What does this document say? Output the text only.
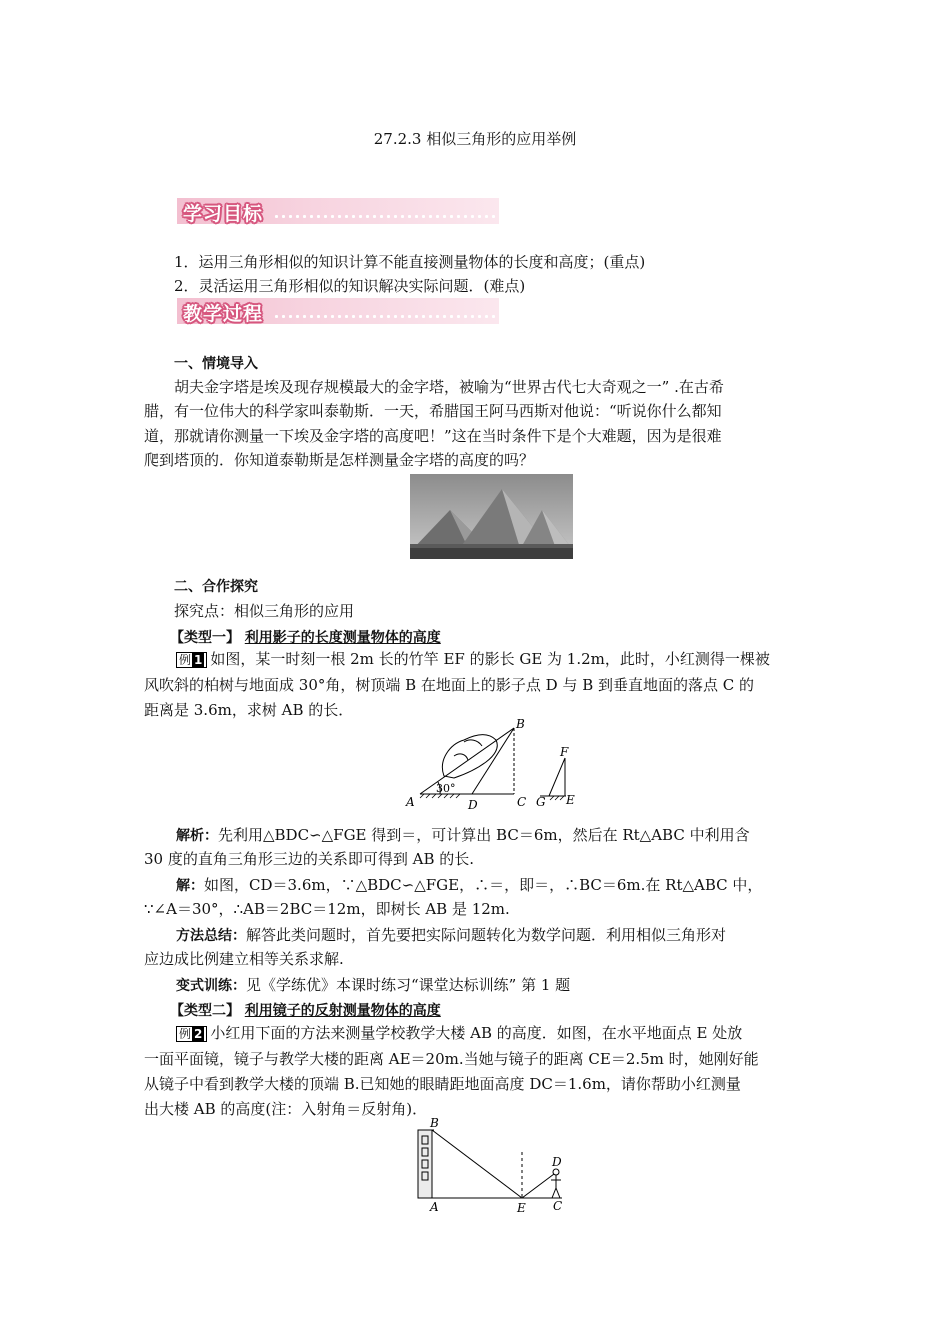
27.2.3 相似三角形的应用举例
学习目标
1．运用三角形相似的知识计算不能直接测量物体的长度和高度；(重点)
2．灵活运用三角形相似的知识解决实际问题．(难点)
教学过程
一、情境导入
胡夫金字塔是埃及现存规模最大的金字塔，被喻为“世界古代七大奇观之一” .在古希
腊，有一位伟大的科学家叫泰勒斯．一天，希腊国王阿马西斯对他说：“听说你什么都知
道，那就请你测量一下埃及金字塔的高度吧！”这在当时条件下是个大难题，因为是很难
爬到塔顶的．你知道泰勒斯是怎样测量金字塔的高度的吗？
二、合作探究
探究点：相似三角形的应用
【类型一】 利用影子的长度测量物体的高度
例 1 如图，某一时刻一根 2m 长的竹竿 EF 的影长 GE 为 1.2m，此时，小红测得一棵被
风吹斜的柏树与地面成 30°角，树顶端 B 在地面上的影子点 D 与 B 到垂直地面的落点 C 的
距离是 3.6m，求树 AB 的长．
A
B
C
D	E
F
G
30°
解析：先利用△BDC∽△FGE 得到＝，可计算出 BC＝6m，然后在 Rt△ABC 中利用含
30 度的直角三角形三边的关系即可得到 AB 的长.
解：如图，CD＝3.6m，∵△BDC∽△FGE，∴＝，即＝，∴BC＝6m.在 Rt△ABC 中，
∵∠A＝30°，∴AB＝2BC＝12m，即树长 AB 是 12m.
方法总结：解答此类问题时，首先要把实际问题转化为数学问题．利用相似三角形对
应边成比例建立相等关系求解.
变式训练：见《学练优》本课时练习“课堂达标训练” 第 1 题
【类型二】 利用镜子的反射测量物体的高度
例 2 小红用下面的方法来测量学校教学大楼 AB 的高度．如图，在水平地面点 E 处放
一面平面镜，镜子与教学大楼的距离 AE＝20m.当她与镜子的距离 CE＝2.5m 时，她刚好能
从镜子中看到教学大楼的顶端 B.已知她的眼睛距地面高度 DC＝1.6m，请你帮助小红测量
出大楼 AB 的高度(注：入射角＝反射角)．
B
A	E
D
C
